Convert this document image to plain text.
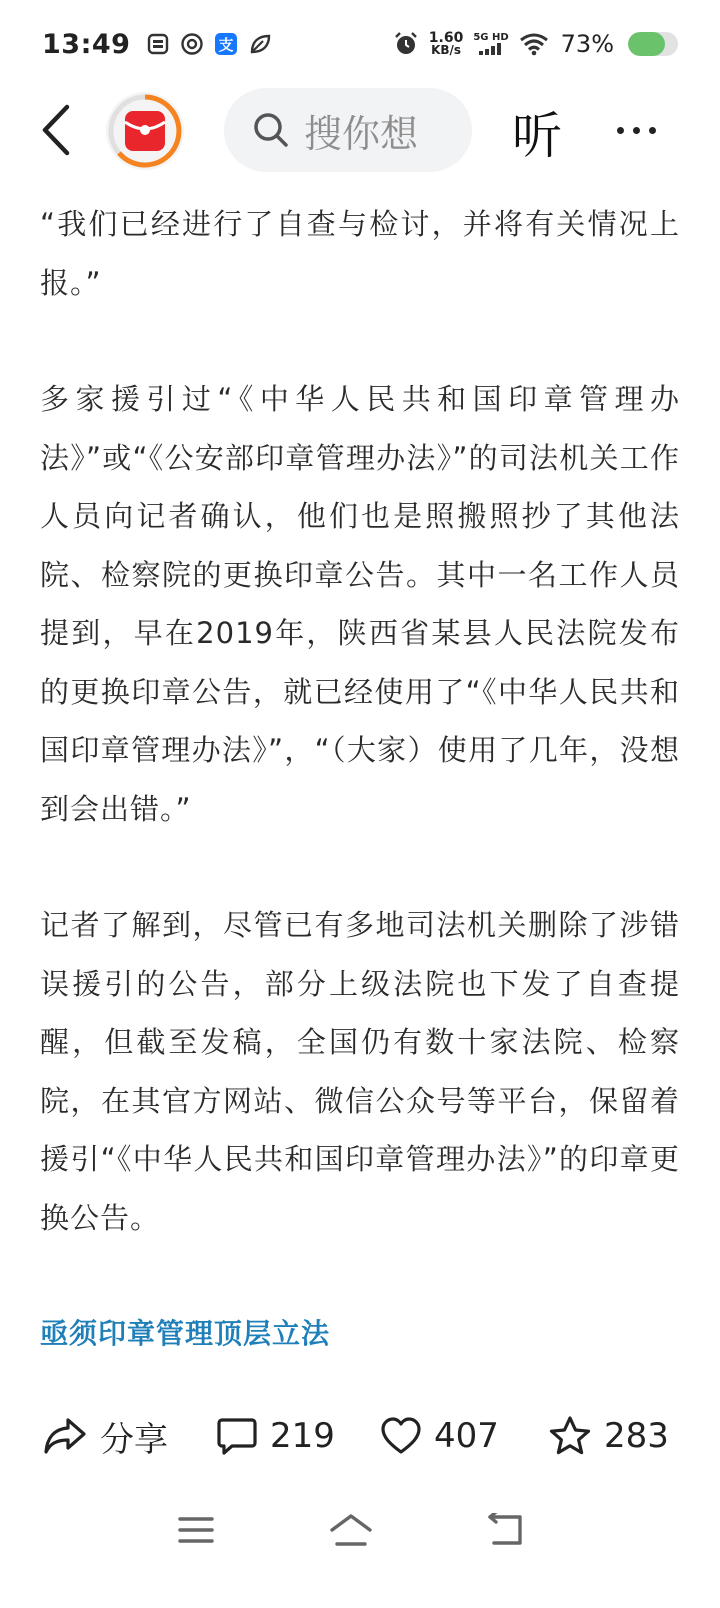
13:49	支	1.60
KB/s
5G HD 73%
搜你想 听

“我们已经进行了自查与检讨，并将有关情况上报。”

多家援引过“《中华人民共和国印章管理办法》”或“《公安部印章管理办法》”的司法机关工作人员向记者确认，他们也是照搬照抄了其他法院、检察院的更换印章公告。其中一名工作人员提到，早在2019年，陕西省某县人民法院发布的更换印章公告，就已经使用了“《中华人民共和国印章管理办法》”，“（大家）使用了几年，没想到会出错。”

记者了解到，尽管已有多地司法机关删除了涉错误援引的公告，部分上级法院也下发了自查提醒，但截至发稿，全国仍有数十家法院、检察院，在其官方网站、微信公众号等平台，保留着援引“《中华人民共和国印章管理办法》”的印章更换公告。

亟须印章管理顶层立法

分享	219	407	283
